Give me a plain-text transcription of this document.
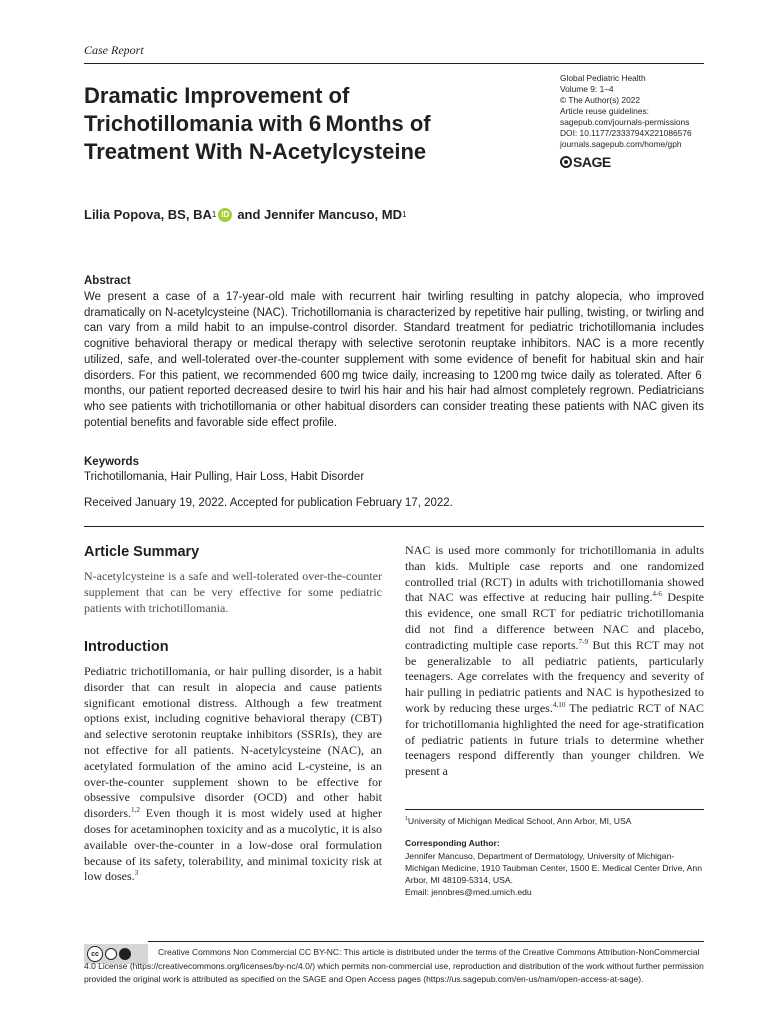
Case Report
Dramatic Improvement of
Trichotillomania with 6 Months of
Treatment With N-Acetylcysteine
Global Pediatric Health
Volume 9: 1–4
© The Author(s) 2022
Article reuse guidelines:
sagepub.com/journals-permissions
DOI: 10.1177/2333794X221086576
journals.sagepub.com/home/gph
SAGE
Lilia Popova, BS, BA 1 ID and Jennifer Mancuso, MD 1
Abstract
We present a case of a 17-year-old male with recurrent hair twirling resulting in patchy alopecia, who improved dramatically on N-acetylcysteine (NAC). Trichotillomania is characterized by repetitive hair pulling, twisting, or twirling and can vary from a mild habit to an impulse-control disorder. Standard treatment for pediatric trichotillomania includes cognitive behavioral therapy or medical therapy with selective serotonin reuptake inhibitors. NAC is a more recently utilized, safe, and well-tolerated over-the-counter supplement with some evidence of benefit for habitual skin and hair disorders. For this patient, we recommended 600 mg twice daily, increasing to 1200 mg twice daily as tolerated. After 6 months, our patient reported decreased desire to twirl his hair and his hair had almost completely regrown. Pediatricians who see patients with trichotillomania or other habitual disorders can consider treating these patients with NAC given its potential benefits and favorable side effect profile.
Keywords
Trichotillomania, Hair Pulling, Hair Loss, Habit Disorder
Received January 19, 2022. Accepted for publication February 17, 2022.
Article Summary
N-acetylcysteine is a safe and well-tolerated over-the-counter supplement that can be very effective for some pediatric patients with trichotillomania.
Introduction
Pediatric trichotillomania, or hair pulling disorder, is a habit disorder that can result in alopecia and cause patients significant emotional distress. Although a few treatment options exist, including cognitive behavioral therapy (CBT) and selective serotonin reuptake inhibitors (SSRIs), they are not effective for all patients. N-acetylcysteine (NAC), an acetylated formulation of the amino acid L-cysteine, is an over-the-counter supplement shown to be effective for obsessive compulsive disorder (OCD) and other habit disorders.$^{1,2}$ Even though it is most widely used at higher doses for acetaminophen toxicity and as a mucolytic, it is also available over-the-counter in a low-dose oral formulation because of its safety, tolerability, and minimal toxicity risk at low doses.$^3$
NAC is used more commonly for trichotillomania in adults than kids. Multiple case reports and one randomized controlled trial (RCT) in adults with trichotillomania showed that NAC was effective at reducing hair pulling.$^{4-6}$ Despite this evidence, one small RCT for pediatric trichotillomania did not find a difference between NAC and placebo, contradicting multiple case reports.$^{7-9}$ But this RCT may not be generalizable to all pediatric patients, particularly teenagers. Age correlates with the frequency and severity of hair pulling in pediatric patients and NAC is hypothesized to work by reducing these urges.$^{4,10}$ The pediatric RCT of NAC for trichotillomania highlighted the need for age-stratification of pediatric patients in future trials to determine whether teenagers respond differently than younger children. We present a
$^1$University of Michigan Medical School, Ann Arbor, MI, USA
Corresponding Author:
Jennifer Mancuso, Department of Dermatology, University of Michigan-Michigan Medicine, 1910 Taubman Center, 1500 E. Medical Center Drive, Ann Arbor, MI 48109-5314, USA.
Email: jennbres@med.umich.edu
cc	Creative Commons Non Commercial CC BY-NC: This article is distributed under the terms of the Creative Commons Attribution-NonCommercial 4.0 License (https://creativecommons.org/licenses/by-nc/4.0/) which permits non-commercial use, reproduction and distribution of the work without further permission provided the original work is attributed as specified on the SAGE and Open Access pages (https://us.sagepub.com/en-us/nam/open-access-at-sage).
